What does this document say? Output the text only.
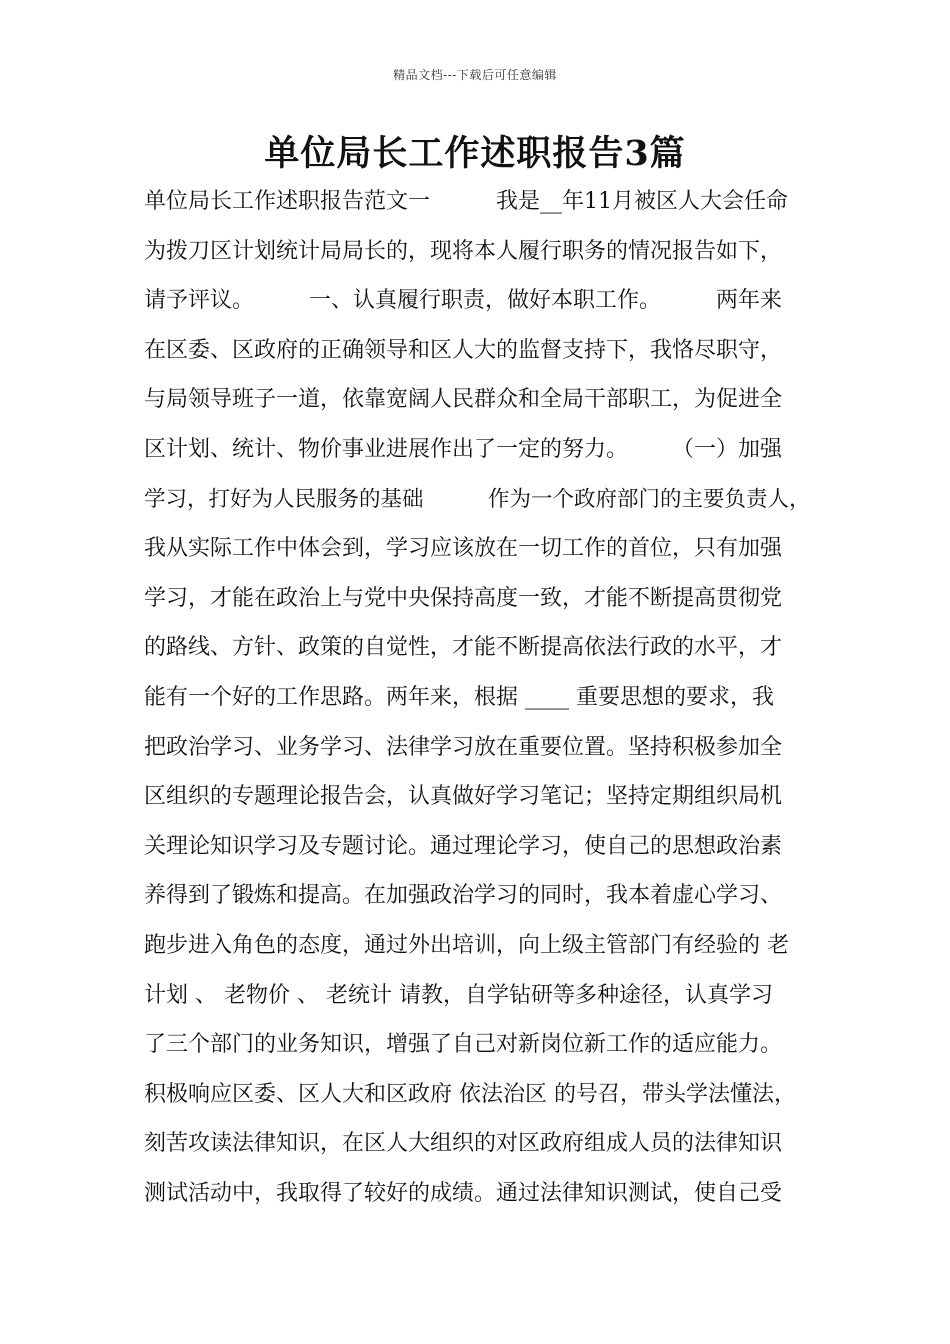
精品文档---下载后可任意编辑
单位局长工作述职报告3篇
单位局长工作述职报告范文一　　　我是__年11月被区人大会任命
为拨刀区计划统计局局长的，现将本人履行职务的情况报告如下，
请予评议。　　　一、认真履行职责，做好本职工作。　　　两年来
在区委、区政府的正确领导和区人大的监督支持下，我恪尽职守，
与局领导班子一道，依靠宽阔人民群众和全局干部职工，为促进全
区计划、统计、物价事业进展作出了一定的努力。　　　（一）加强
学习，打好为人民服务的基础　　　作为一个政府部门的主要负责人，
我从实际工作中体会到，学习应该放在一切工作的首位，只有加强
学习，才能在政治上与党中央保持高度一致，才能不断提高贯彻党
的路线、方针、政策的自觉性，才能不断提高依法行政的水平，才
能有一个好的工作思路。两年来，根据 ____ 重要思想的要求，我
把政治学习、业务学习、法律学习放在重要位置。坚持积极参加全
区组织的专题理论报告会，认真做好学习笔记；坚持定期组织局机
关理论知识学习及专题讨论。通过理论学习，使自己的思想政治素
养得到了锻炼和提高。在加强政治学习的同时，我本着虚心学习、
跑步进入角色的态度，通过外出培训，向上级主管部门有经验的 老
计划 、 老物价 、 老统计 请教，自学钻研等多种途径，认真学习
了三个部门的业务知识，增强了自己对新岗位新工作的适应能力。
积极响应区委、区人大和区政府 依法治区 的号召，带头学法懂法，
刻苦攻读法律知识，在区人大组织的对区政府组成人员的法律知识
测试活动中，我取得了较好的成绩。通过法律知识测试，使自己受
